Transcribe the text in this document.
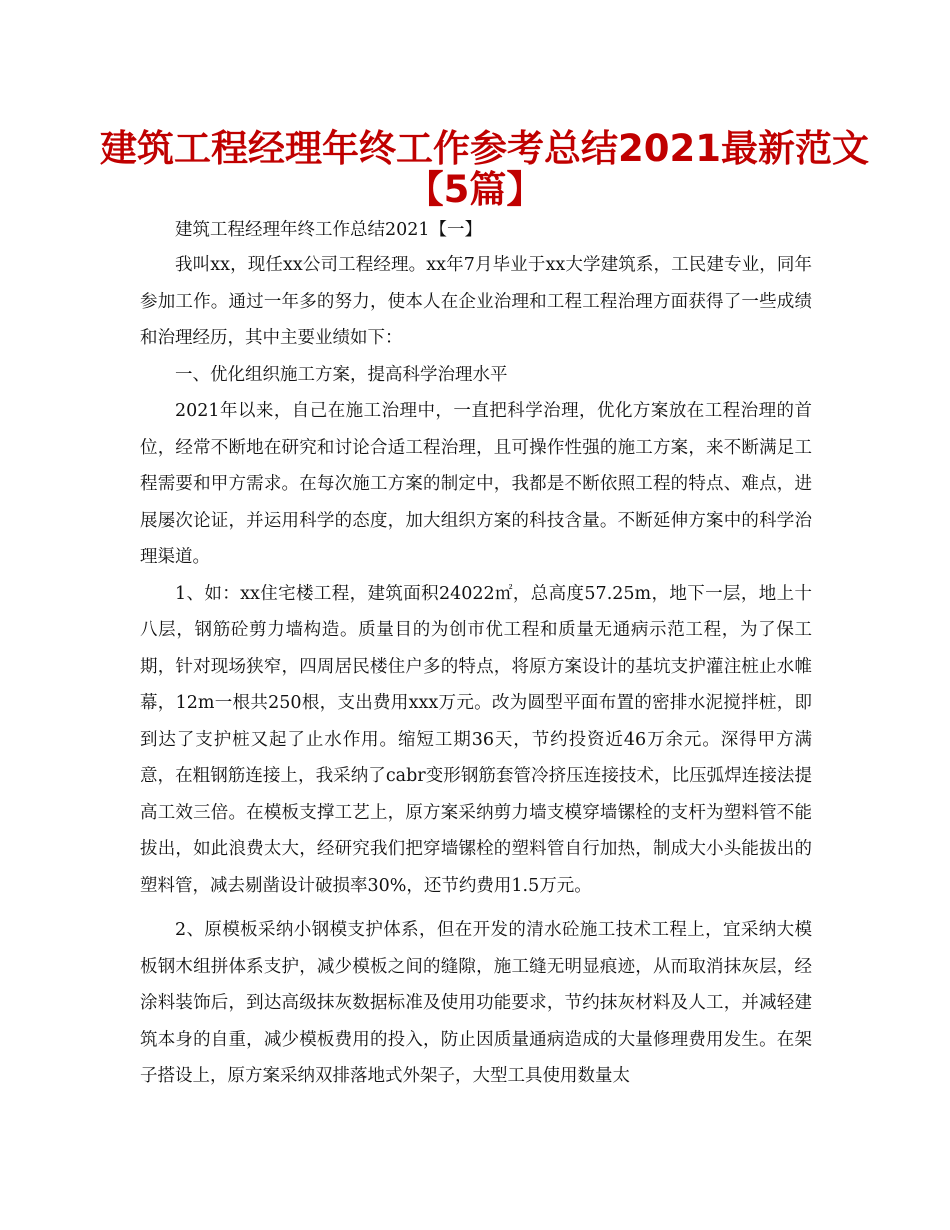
建筑工程经理年终工作参考总结2021最新范文
【5篇】

建筑工程经理年终工作总结2021【一】

我叫xx，现任xx公司工程经理。xx年7月毕业于xx大学建筑系，工民建专业，同年参加工作。通过一年多的努力，使本人在企业治理和工程工程治理方面获得了一些成绩和治理经历，其中主要业绩如下：

一、优化组织施工方案，提高科学治理水平

2021年以来，自己在施工治理中，一直把科学治理，优化方案放在工程治理的首位，经常不断地在研究和讨论合适工程治理，且可操作性强的施工方案，来不断满足工程需要和甲方需求。在每次施工方案的制定中，我都是不断依照工程的特点、难点，进展屡次论证，并运用科学的态度，加大组织方案的科技含量。不断延伸方案中的科学治理渠道。

1、如：xx住宅楼工程，建筑面积24022㎡，总高度57.25m，地下一层，地上十八层，钢筋砼剪力墙构造。质量目的为创市优工程和质量无通病示范工程，为了保工期，针对现场狭窄，四周居民楼住户多的特点，将原方案设计的基坑支护灌注桩止水帷幕，12m一根共250根，支出费用xxx万元。改为圆型平面布置的密排水泥搅拌桩，即到达了支护桩又起了止水作用。缩短工期36天，节约投资近46万余元。深得甲方满意，在粗钢筋连接上，我采纳了cabr变形钢筋套管冷挤压连接技术，比压弧焊连接法提高工效三倍。在模板支撑工艺上，原方案采纳剪力墙支模穿墙镙栓的支杆为塑料管不能拔出，如此浪费太大，经研究我们把穿墙镙栓的塑料管自行加热，制成大小头能拔出的塑料管，减去剔凿设计破损率30%，还节约费用1.5万元。

2、原模板采纳小钢模支护体系，但在开发的清水砼施工技术工程上，宜采纳大模板钢木组拼体系支护，减少模板之间的缝隙，施工缝无明显痕迹，从而取消抹灰层，经涂料装饰后，到达高级抹灰数据标准及使用功能要求，节约抹灰材料及人工，并减轻建筑本身的自重，减少模板费用的投入，防止因质量通病造成的大量修理费用发生。在架子搭设上，原方案采纳双排落地式外架子，大型工具使用数量太
